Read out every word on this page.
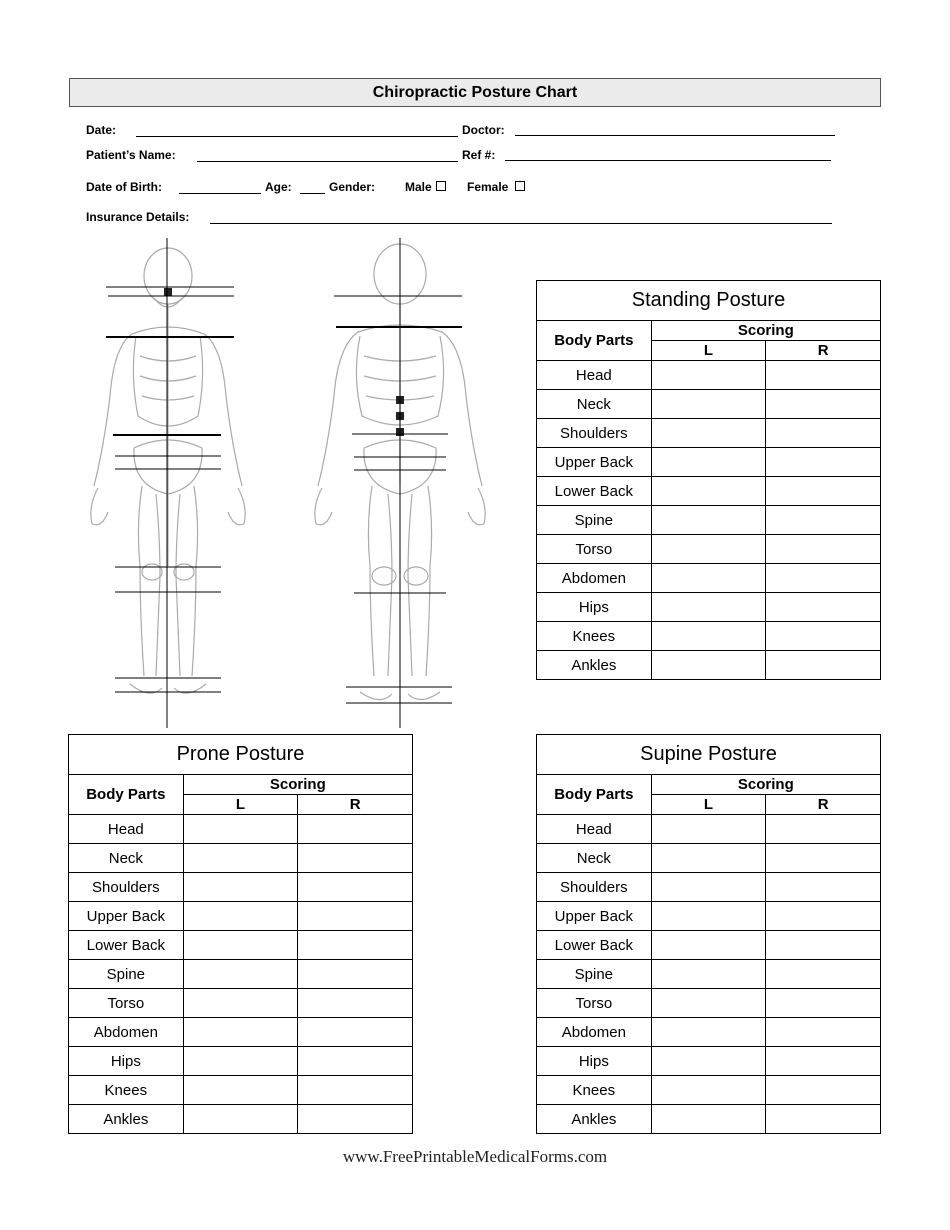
Chiropractic Posture Chart
Date:	Doctor:
Patient’s Name:	Ref #:
Date of Birth:	Age:	Gender: Male	Female
Insurance Details:
Standing Posture		
Body Parts	Scoring	
	L	R
Head		
Neck		
Shoulders		
Upper Back		
Lower Back		
Spine		
Torso		
Abdomen		
Hips		
Knees		
Ankles		
Prone Posture		
Body Parts	Scoring	
	L	R
Head		
Neck		
Shoulders		
Upper Back		
Lower Back		
Spine		
Torso		
Abdomen		
Hips		
Knees		
Ankles		
Supine Posture		
Body Parts	Scoring	
	L	R
Head		
Neck		
Shoulders		
Upper Back		
Lower Back		
Spine		
Torso		
Abdomen		
Hips		
Knees		
Ankles		
www.FreePrintableMedicalForms.com
